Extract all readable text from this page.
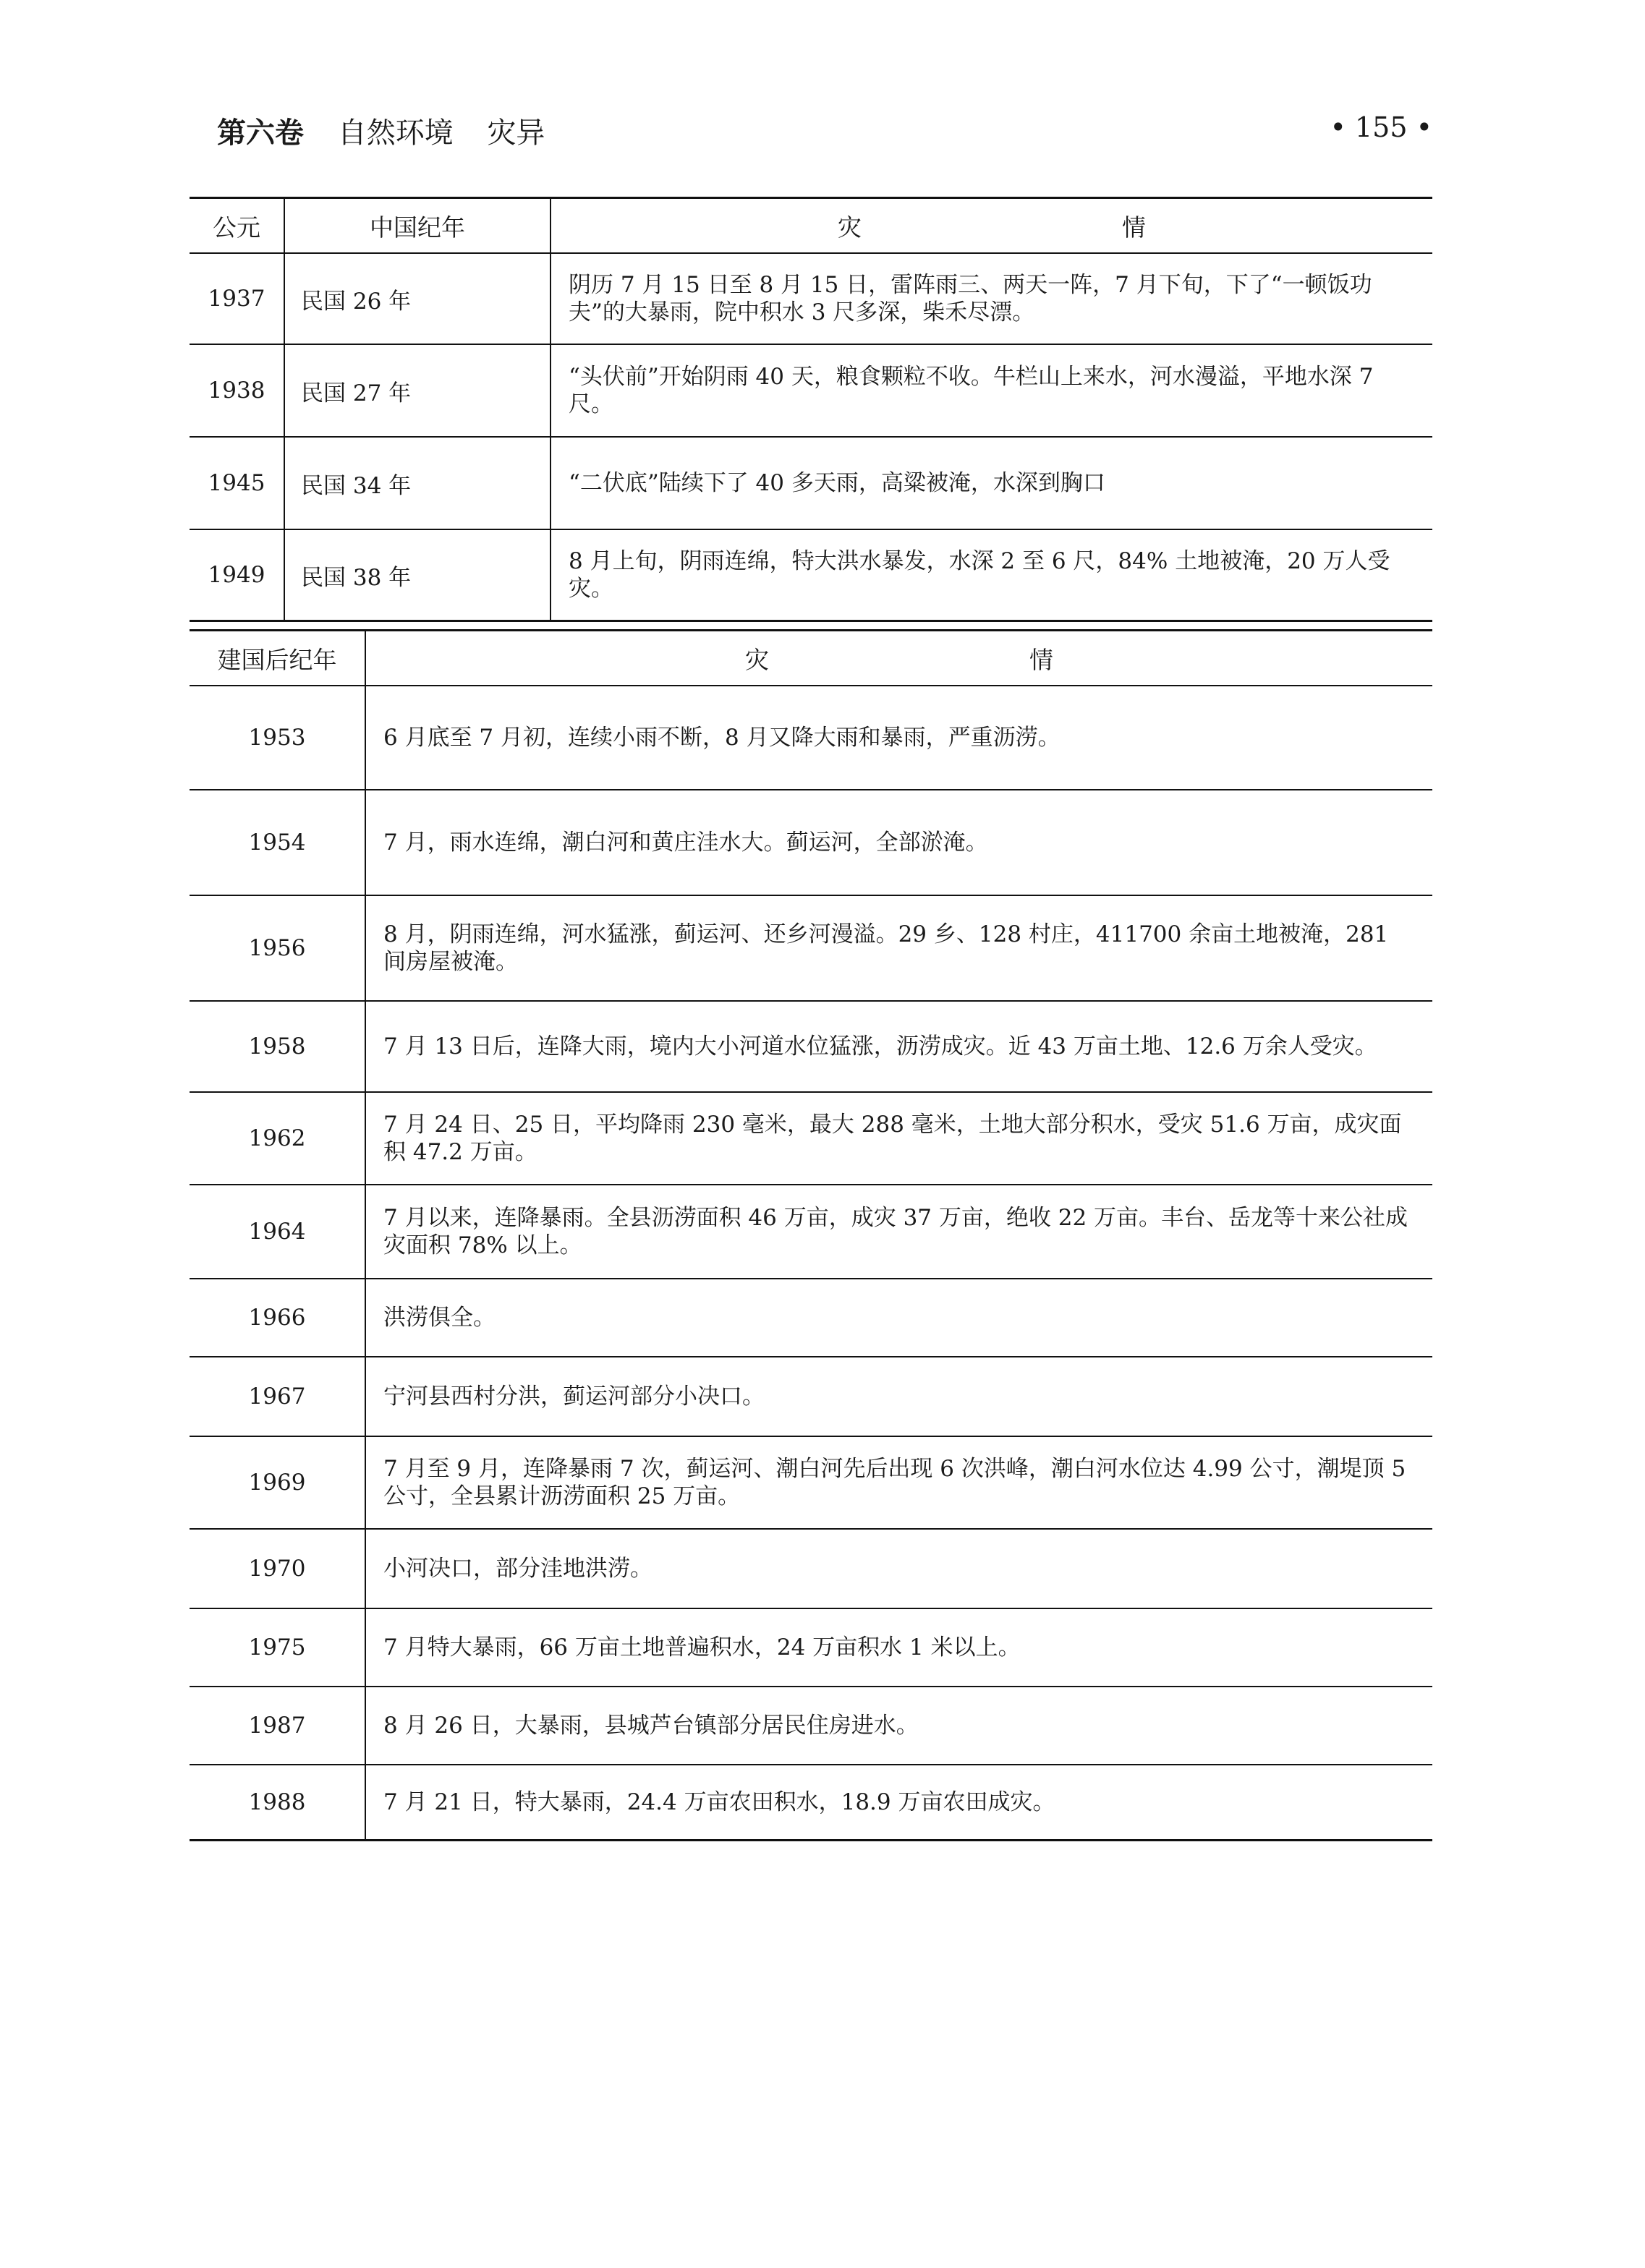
第六卷 自然环境 灾异	• 155 •
公元	中国纪年	灾 情
1937	民国 26 年	阴历 7 月 15 日至 8 月 15 日，雷阵雨三、两天一阵，7 月下旬，下了“一顿饭功夫”的大暴雨，院中积水 3 尺多深，柴禾尽漂。
1938	民国 27 年	“头伏前”开始阴雨 40 天，粮食颗粒不收。牛栏山上来水，河水漫溢，平地水深 7 尺。
1945	民国 34 年	“二伏底”陆续下了 40 多天雨，高粱被淹，水深到胸口
1949	民国 38 年	8 月上旬，阴雨连绵，特大洪水暴发，水深 2 至 6 尺，84% 土地被淹，20 万人受灾。
建国后纪年	灾 情
1953	6 月底至 7 月初，连续小雨不断，8 月又降大雨和暴雨，严重沥涝。
1954	7 月，雨水连绵，潮白河和黄庄洼水大。蓟运河，全部淤淹。
1956	8 月，阴雨连绵，河水猛涨，蓟运河、还乡河漫溢。29 乡、128 村庄，411700 余亩土地被淹，281 间房屋被淹。
1958	7 月 13 日后，连降大雨，境内大小河道水位猛涨，沥涝成灾。近 43 万亩土地、12.6 万余人受灾。
1962	7 月 24 日、25 日，平均降雨 230 毫米，最大 288 毫米，土地大部分积水，受灾 51.6 万亩，成灾面积 47.2 万亩。
1964	7 月以来，连降暴雨。全县沥涝面积 46 万亩，成灾 37 万亩，绝收 22 万亩。丰台、岳龙等十来公社成灾面积 78% 以上。
1966	洪涝俱全。
1967	宁河县西村分洪，蓟运河部分小决口。
1969	7 月至 9 月，连降暴雨 7 次，蓟运河、潮白河先后出现 6 次洪峰，潮白河水位达 4.99 公寸，潮堤顶 5 公寸，全县累计沥涝面积 25 万亩。
1970	小河决口，部分洼地洪涝。
1975	7 月特大暴雨，66 万亩土地普遍积水，24 万亩积水 1 米以上。
1987	8 月 26 日，大暴雨，县城芦台镇部分居民住房进水。
1988	7 月 21 日，特大暴雨，24.4 万亩农田积水，18.9 万亩农田成灾。
